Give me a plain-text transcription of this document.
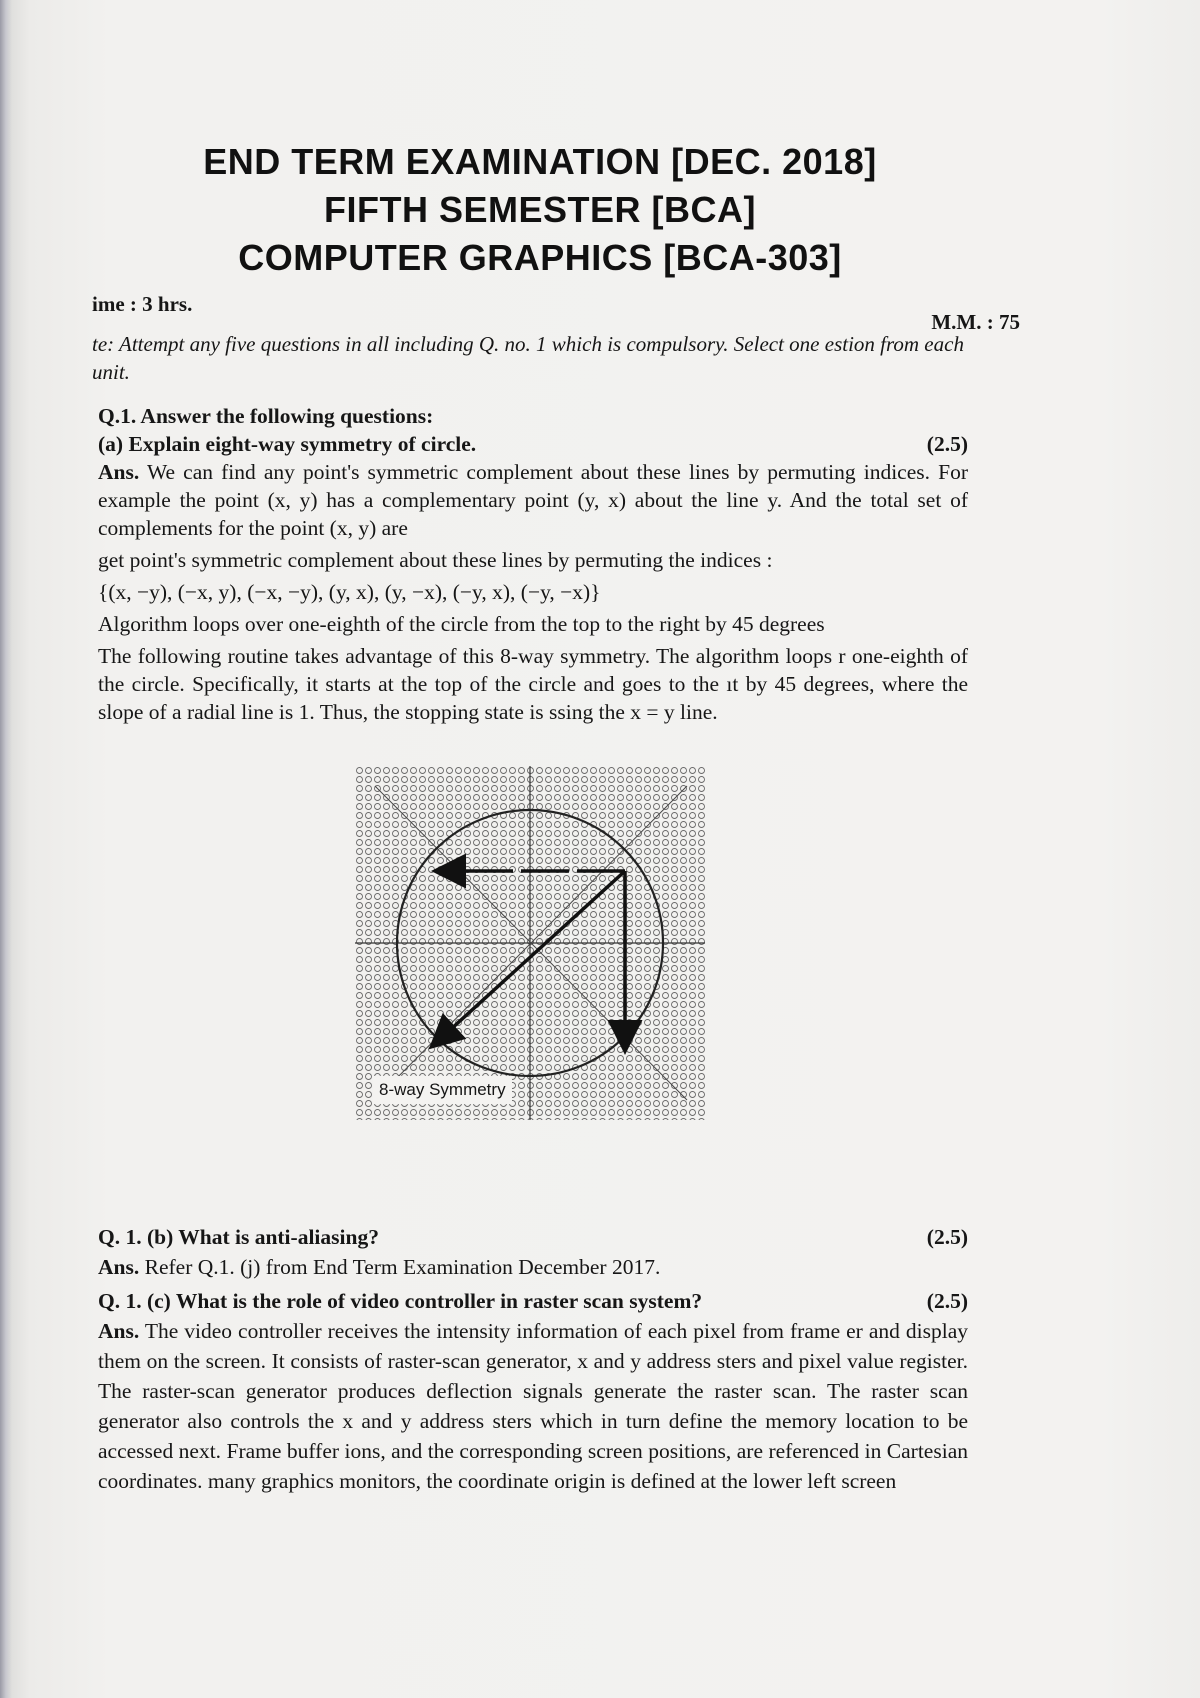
END TERM EXAMINATION [DEC. 2018]
FIFTH SEMESTER [BCA]
COMPUTER GRAPHICS [BCA-303]
ime : 3 hrs.
M.M. : 75
te: Attempt any five questions in all including Q. no. 1 which is compulsory. Select one estion from each unit.

Q.1. Answer the following questions:

(a) Explain eight-way symmetry of circle.	(2.5)

Ans. We can find any point's symmetric complement about these lines by permuting indices. For example the point (x, y) has a complementary point (y, x) about the line y. And the total set of complements for the point (x, y) are

get point's symmetric complement about these lines by permuting the indices :

{(x, −y), (−x, y), (−x, −y), (y, x), (y, −x), (−y, x), (−y, −x)}

Algorithm loops over one-eighth of the circle from the top to the right by 45 degrees

The following routine takes advantage of this 8-way symmetry. The algorithm loops r one-eighth of the circle. Specifically, it starts at the top of the circle and goes to the ıt by 45 degrees, where the slope of a radial line is 1. Thus, the stopping state is ssing the x = y line.

8-way Symmetry
Q. 1. (b) What is anti-aliasing?	(2.5)

Ans. Refer Q.1. (j) from End Term Examination December 2017.

Q. 1. (c) What is the role of video controller in raster scan system?	(2.5)

Ans. The video controller receives the intensity information of each pixel from frame er and display them on the screen. It consists of raster-scan generator, x and y address sters and pixel value register. The raster-scan generator produces deflection signals generate the raster scan. The raster scan generator also controls the x and y address sters which in turn define the memory location to be accessed next. Frame buffer ions, and the corresponding screen positions, are referenced in Cartesian coordinates. many graphics monitors, the coordinate origin is defined at the lower left screen
